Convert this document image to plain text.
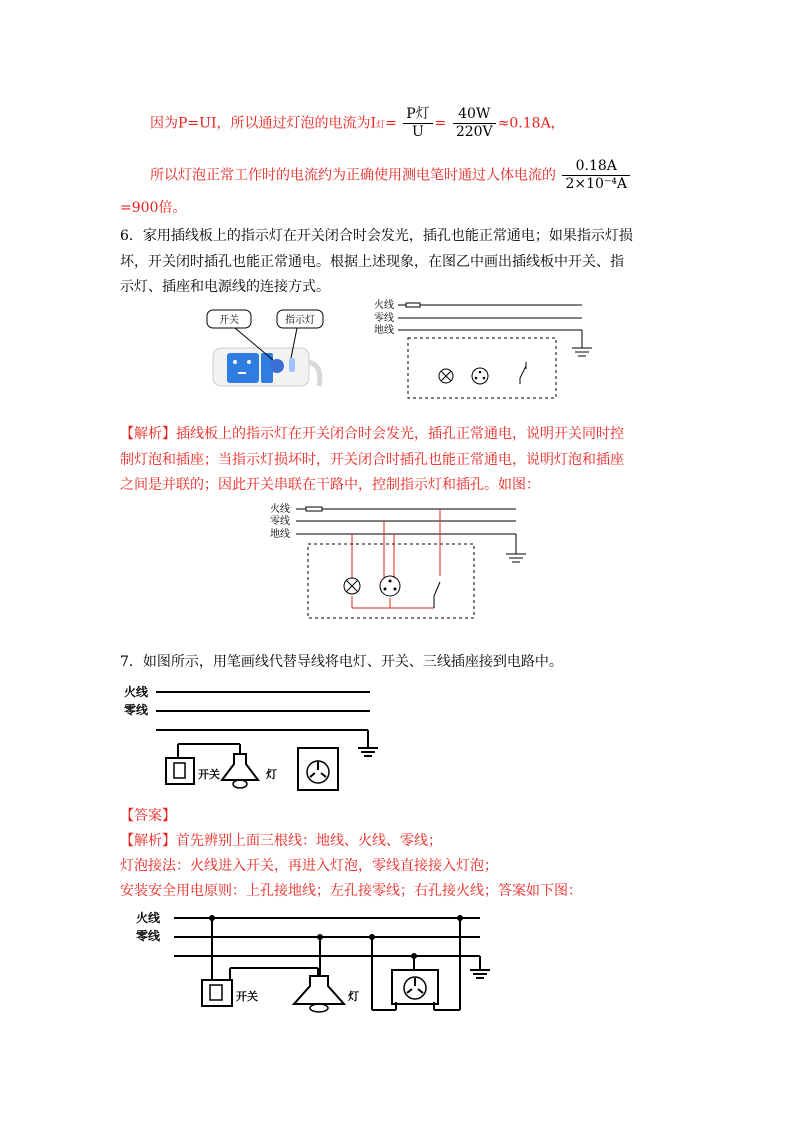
因为P=UI，所以通过灯泡的电流为I灯= $\frac{\text{P灯}}{U} = \frac{40W}{220V} \approx 0.18A$，
所以灯泡正常工作时的电流约为正确使用测电笔时通过人体电流的 $\frac{0.18A}{\text{2×10⁻⁴A}}$
=900倍。
6．家用插线板上的指示灯在开关闭合时会发光，插孔也能正常通电；如果指示灯损
坏，开关闭时插孔也能正常通电。根据上述现象，在图乙中画出插线板中开关、指
示灯、插座和电源线的连接方式。
开关	指示灯
火线
零线
地线
【解析】插线板上的指示灯在开关闭合时会发光，插孔正常通电，说明开关同时控
制灯泡和插座；当指示灯损坏时，开关闭合时插孔也能正常通电，说明灯泡和插座
之间是并联的；因此开关串联在干路中，控制指示灯和插孔。如图：
火线
零线
地线
7．如图所示，用笔画线代替导线将电灯、开关、三线插座接到电路中。
火线
零线
开关	灯
【答案】
【解析】首先辨别上面三根线：地线、火线、零线；
灯泡接法：火线进入开关，再进入灯泡，零线直接接入灯泡；
安装安全用电原则：上孔接地线；左孔接零线；右孔接火线；答案如下图：
火线
零线
开关	灯
